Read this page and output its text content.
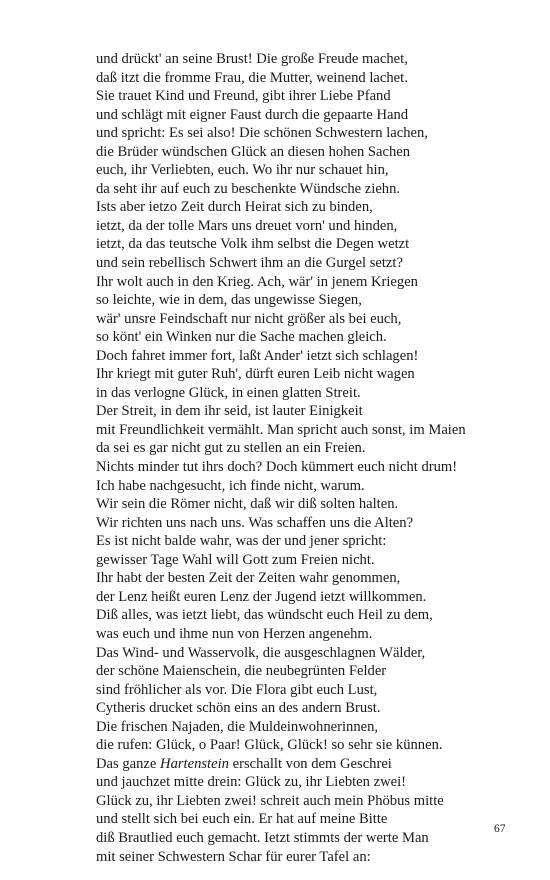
und drückt' an seine Brust! Die große Freude machet,
daß itzt die fromme Frau, die Mutter, weinend lachet.
Sie trauet Kind und Freund, gibt ihrer Liebe Pfand
und schlägt mit eigner Faust durch die gepaarte Hand
und spricht: Es sei also! Die schönen Schwestern lachen,
die Brüder wündschen Glück an diesen hohen Sachen
euch, ihr Verliebten, euch. Wo ihr nur schauet hin,
da seht ihr auf euch zu beschenkte Wündsche ziehn.
Ists aber ietzo Zeit durch Heirat sich zu binden,
ietzt, da der tolle Mars uns dreuet vorn' und hinden,
ietzt, da das teutsche Volk ihm selbst die Degen wetzt
und sein rebellisch Schwert ihm an die Gurgel setzt?
Ihr wolt auch in den Krieg. Ach, wär' in jenem Kriegen
so leichte, wie in dem, das ungewisse Siegen,
wär' unsre Feindschaft nur nicht größer als bei euch,
so könt' ein Winken nur die Sache machen gleich.
Doch fahret immer fort, laßt Ander' ietzt sich schlagen!
Ihr kriegt mit guter Ruh', dürft euren Leib nicht wagen
in das verlogne Glück, in einen glatten Streit.
Der Streit, in dem ihr seid, ist lauter Einigkeit
mit Freundlichkeit vermählt. Man spricht auch sonst, im Maien
da sei es gar nicht gut zu stellen an ein Freien.
Nichts minder tut ihrs doch? Doch kümmert euch nicht drum!
Ich habe nachgesucht, ich finde nicht, warum.
Wir sein die Römer nicht, daß wir diß solten halten.
Wir richten uns nach uns. Was schaffen uns die Alten?
Es ist nicht balde wahr, was der und jener spricht:
gewisser Tage Wahl will Gott zum Freien nicht.
Ihr habt der besten Zeit der Zeiten wahr genommen,
der Lenz heißt euren Lenz der Jugend ietzt willkommen.
Diß alles, was ietzt liebt, das wündscht euch Heil zu dem,
was euch und ihme nun von Herzen angenehm.
Das Wind- und Wasservolk, die ausgeschlagnen Wälder,
der schöne Maienschein, die neubegrünten Felder
sind fröhlicher als vor. Die Flora gibt euch Lust,
Cytheris drucket schön eins an des andern Brust.
Die frischen Najaden, die Muldeinwohnerinnen,
die rufen: Glück, o Paar! Glück, Glück! so sehr sie künnen.
Das ganze Hartenstein erschallt von dem Geschrei
und jauchzet mitte drein: Glück zu, ihr Liebten zwei!
Glück zu, ihr Liebten zwei! schreit auch mein Phöbus mitte
und stellt sich bei euch ein. Er hat auf meine Bitte
diß Brautlied euch gemacht. Ietzt stimmts der werte Man
mit seiner Schwestern Schar für eurer Tafel an:
67
